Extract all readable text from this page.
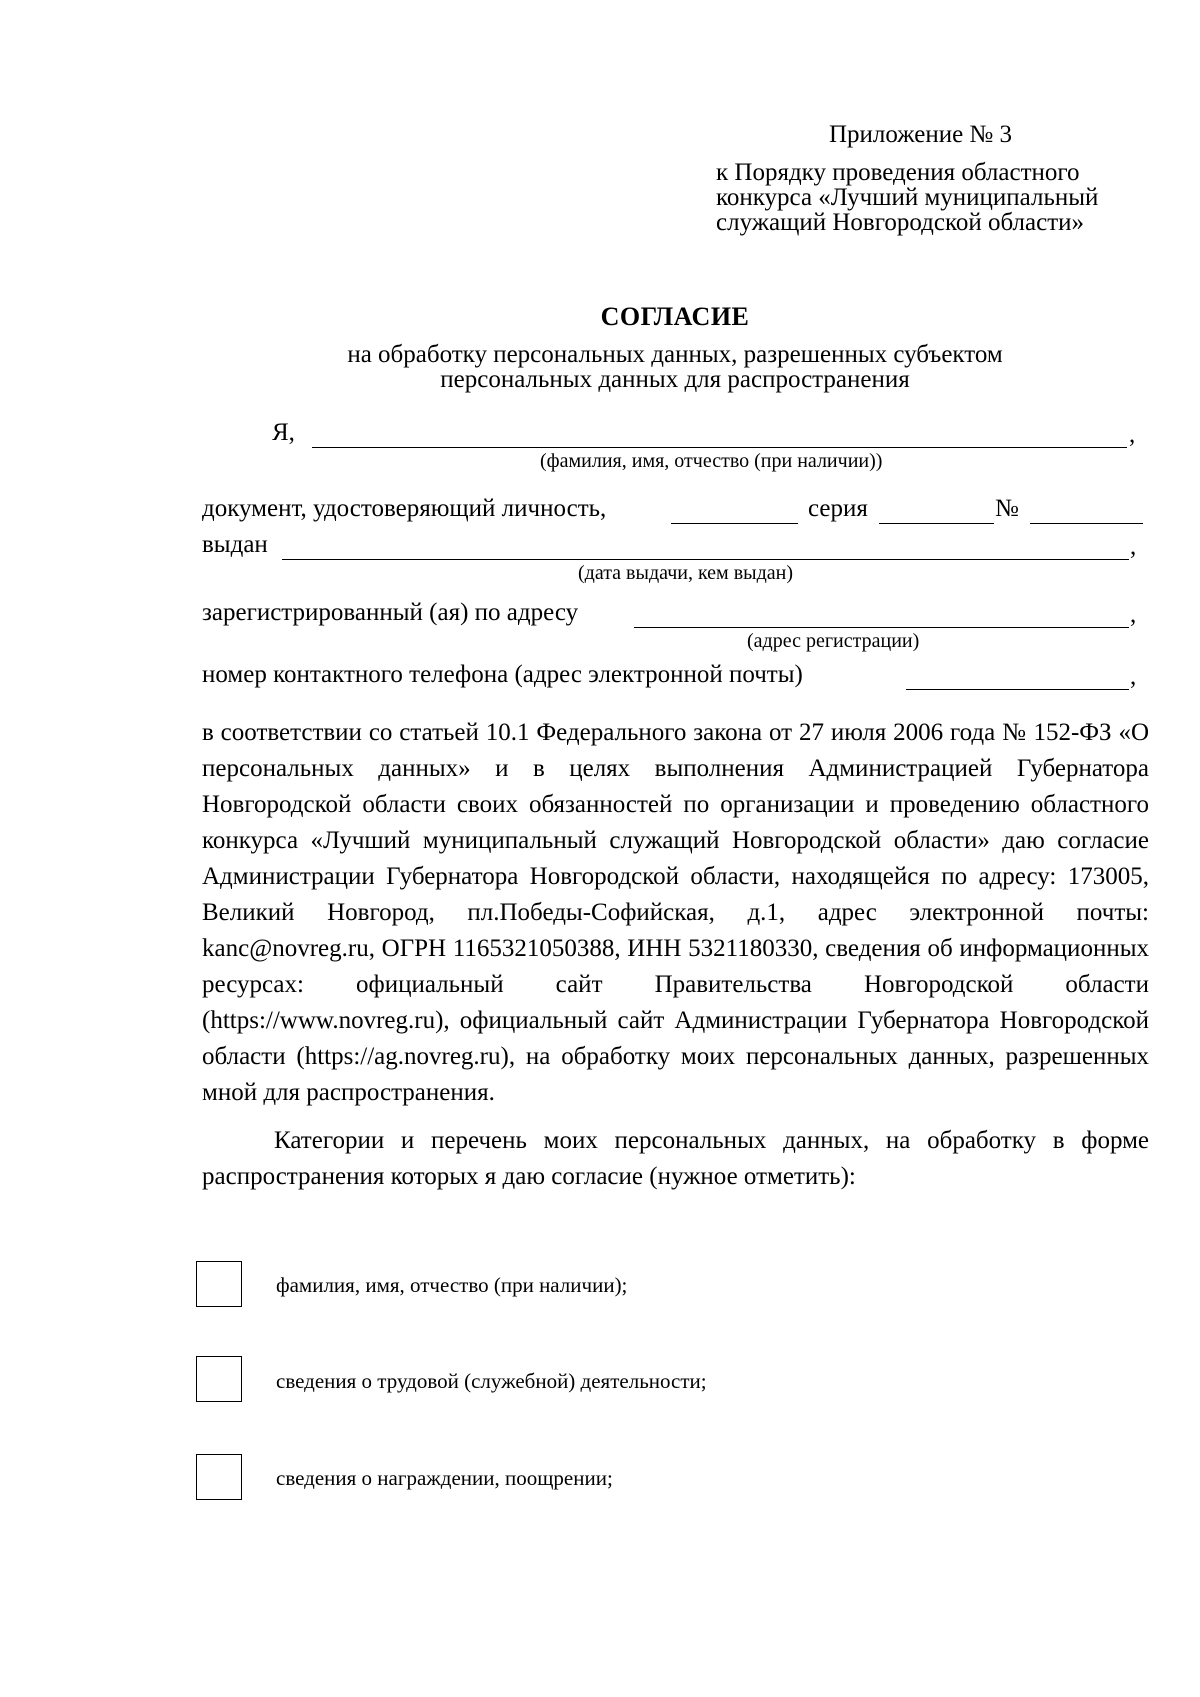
Приложение № 3
к Порядку проведения областного
конкурса «Лучший муниципальный
служащий Новгородской области»
СОГЛАСИЕ
на обработку персональных данных, разрешенных субъектом
персональных данных для распространения
Я,	,
(фамилия, имя, отчество (при наличии))
документ, удостоверяющий личность,	серия	№
выдан	,
(дата выдачи, кем выдан)
зарегистрированный (ая) по адресу	,
(адрес регистрации)
номер контактного телефона (адрес электронной почты)	,

в соответствии со статьей 10.1 Федерального закона от 27 июля 2006 года № 152-ФЗ «О персональных данных» и в целях выполнения Администрацией Губернатора Новгородской области своих обязанностей по организации и проведению областного конкурса «Лучший муниципальный служащий Новгородской области» даю согласие Администрации Губернатора Новгородской области, находящейся по адресу: 173005, Великий Новгород, пл.Победы-Софийская, д.1, адрес электронной почты: kanc@novreg.ru, ОГРН 1165321050388, ИНН 5321180330, сведения об информационных ресурсах: официальный сайт Правительства Новгородской области (https://www.novreg.ru), официальный сайт Администрации Губернатора Новгородской области (https://ag.novreg.ru), на обработку моих персональных данных, разрешенных мной для распространения.

Категории и перечень моих персональных данных, на обработку в форме распространения которых я даю согласие (нужное отметить):

фамилия, имя, отчество (при наличии);
сведения о трудовой (служебной) деятельности;
сведения о награждении, поощрении;
